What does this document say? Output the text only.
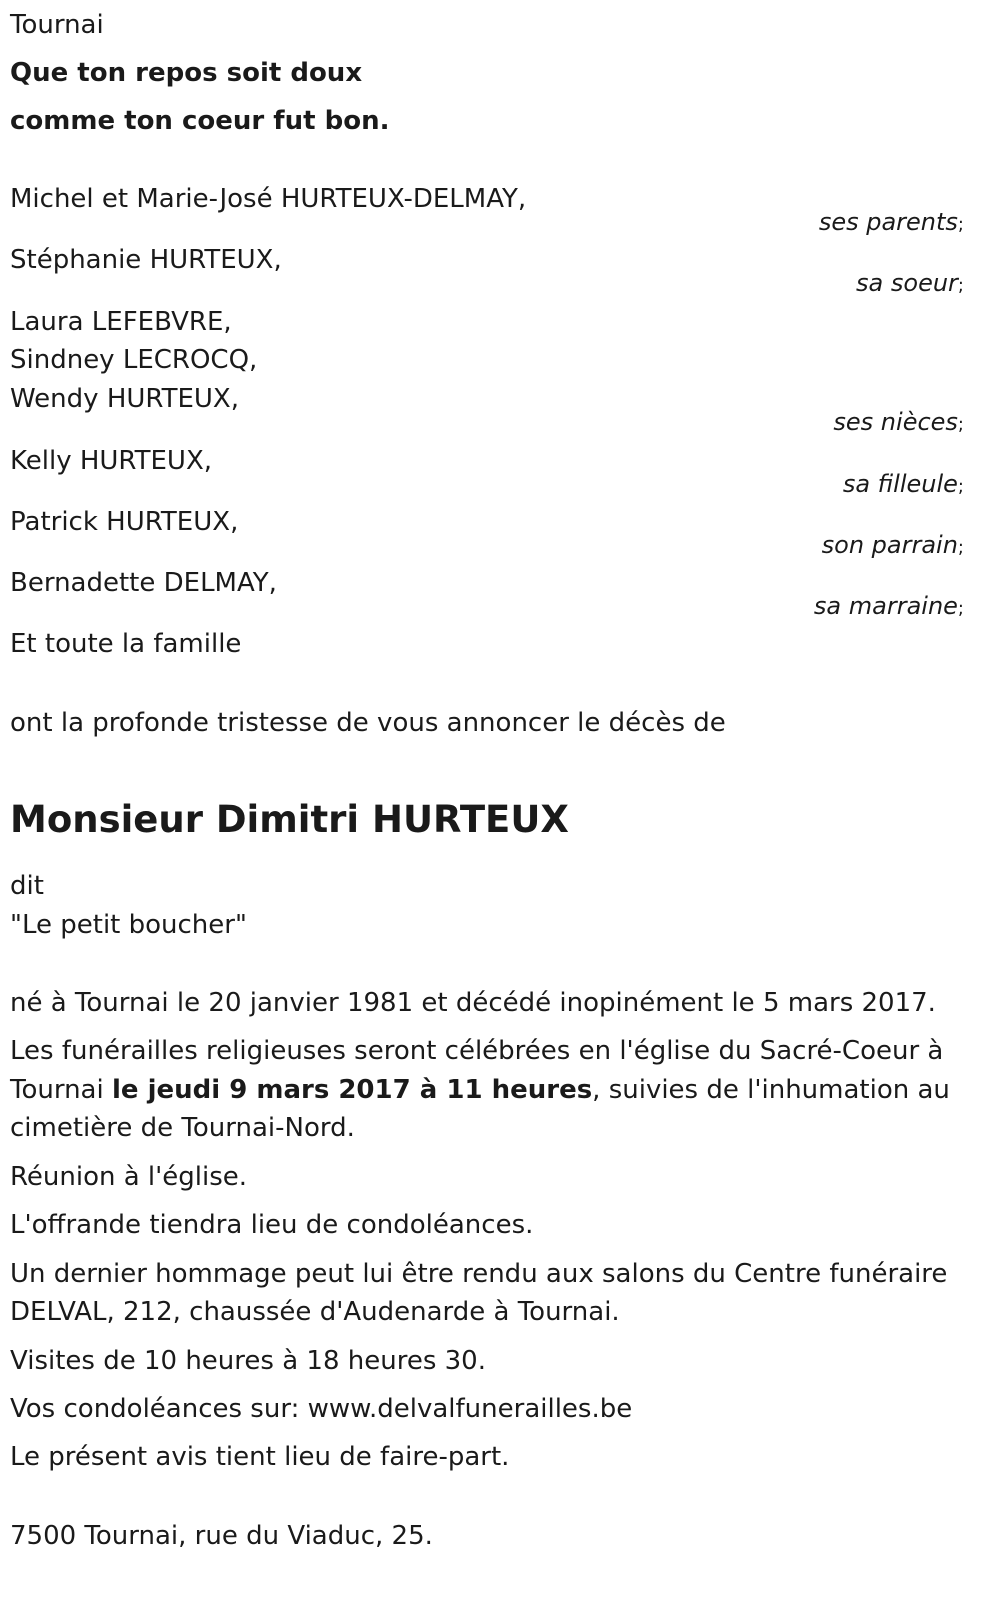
Tournai
Que ton repos soit doux
comme ton coeur fut bon.
Michel et Marie-José HURTEUX-DELMAY,
ses parents;
Stéphanie HURTEUX,
sa soeur;
Laura LEFEBVRE,
Sindney LECROCQ,
Wendy HURTEUX,
ses nièces;
Kelly HURTEUX,
sa filleule;
Patrick HURTEUX,
son parrain;
Bernadette DELMAY,
sa marraine;
Et toute la famille
ont la profonde tristesse de vous annoncer le décès de
Monsieur Dimitri HURTEUX
dit
"Le petit boucher"
né à Tournai le 20 janvier 1981 et décédé inopinément le 5 mars 2017.
Les funérailles religieuses seront célébrées en l'église du Sacré-Coeur à
Tournai le jeudi 9 mars 2017 à 11 heures, suivies de l'inhumation au
cimetière de Tournai-Nord.
Réunion à l'église.
L'offrande tiendra lieu de condoléances.
Un dernier hommage peut lui être rendu aux salons du Centre funéraire
DELVAL, 212, chaussée d'Audenarde à Tournai.
Visites de 10 heures à 18 heures 30.
Vos condoléances sur: www.delvalfunerailles.be
Le présent avis tient lieu de faire-part.
7500 Tournai, rue du Viaduc, 25.
